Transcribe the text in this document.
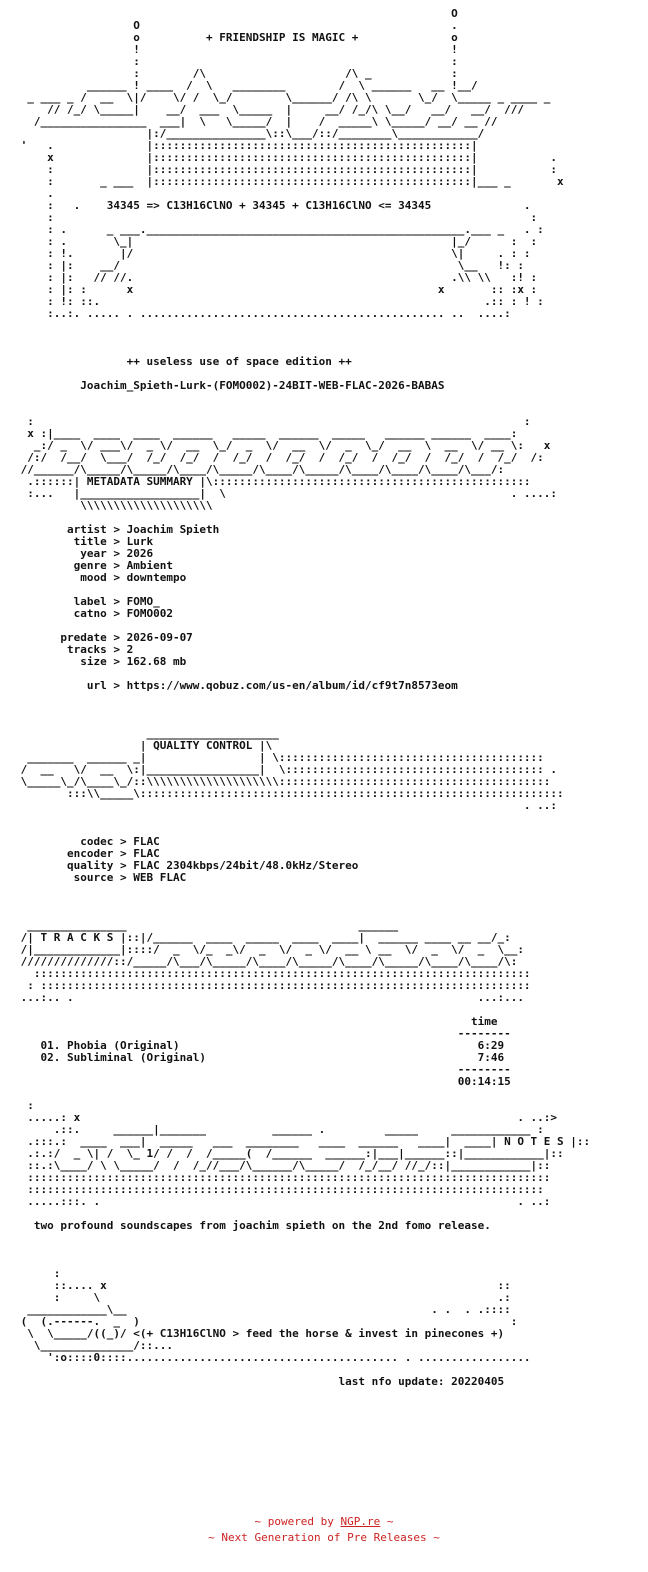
O
O                                               .
o          + FRIENDSHIP IS MAGIC +              o
!                                               !
:                                               :
:        /\                     /\ _            :
______ ! ____  /  \   ________        /  \ ______   __ !__/
_ ___ _ /  __  \|/    \/ /  \_/        \______/ /\ \       \_/  \_____ _ ____ _
// /_/ \_____|    __/  ___  \_____  |     __/ /_/\ \__/   __/   __/  ///
/________________  ___|  \   \_____/  |    /  _____\ \_____/ __/ __ //
|:/_______________\::\___/::/________\____________/
'   .              |::::::::::::::::::::::::::::::::::::::::::::::::|
x              |::::::::::::::::::::::::::::::::::::::::::::::::|           .
:              |::::::::::::::::::::::::::::::::::::::::::::::::|           :
:       _ ___  |::::::::::::::::::::::::::::::::::::::::::::::::|___ _       x
.
:   .    34345 => C13H16ClNO + 34345 + C13H16ClNO <= 34345              .
:                                                                        :
: .      _ ___.________________________________________________.___ _   . :
: .       \_|                                                |_/      :  :
: !.       |/                                                \|     . : :
: |:    __/                                                   \__   !: :
: |:   // //.                                                .\\ \\   :! :
: |: :      x                                              x       :: :x :
: !: ::.                                                          .:: : ! :
:..:. ..... . .............................................. ..  ....:

++ useless use of space edition ++

Joachim_Spieth-Lurk-(FOMO002)-24BIT-WEB-FLAC-2026-BABAS

:                                                                          :
x :|____  ____  ____  ______   _____  ______  _____   ______ ______  ____:
_:/ _  \/ ___\/  _ \/  __  \_/  _  \/  __  \/  _  \_/  __  \  __  \/ __ \:   x
/:/  /__/  \___/  /_/  /_/  /  /_/  /  /_/  /  /_/  /  /_/  /  /_/  /  /_/  /:
//______/\_____/\_____/\____/\_____/\____/\_____/\____/\____/\____/\___/:
.::::::| METADATA SUMMARY |\::::::::::::::::::::::::::::::::::::::::::::::::
:...   |__________________|  \                                           . ....:
\\\\\\\\\\\\\\\\\\\\

artist > Joachim Spieth
title > Lurk
year > 2026
genre > Ambient
mood > downtempo

label > FOMO_
catno > FOMO002

predate > 2026-09-07
tracks > 2
size > 162.68 mb

url > https://www.qobuz.com/us-en/album/id/cf9t7n8573eom

____________________
| QUALITY CONTROL |\
_______  ______ _|                 | \::::::::::::::::::::::::::::::::::::::::
/  __   \/  __  \:|_________________|  \::::::::::::::::::::::::::::::::::::::: .
\_____\_/\____\_/::\\\\\\\\\\\\\\\\\\\\:::::::::::::::::::::::::::::::::::::::::
:::\\_____\::::::::::::::::::::::::::::::::::::::::::::::::::::::::::::::::
. ..:

codec > FLAC
encoder > FLAC
quality > FLAC 2304kbps/24bit/48.0kHz/Stereo
source > WEB FLAC

_______________                                   ______
/| T R A C K S |::|/______  ____  _____  ____  ____|  ______ ____ __ __/_:
/|_____________|::::/  _  \/_  _\/  _  \/  _ \/  __ \ __  \/  _  \/  _  \__:
//////////////::/_____/\___/\_____/\____/\_____/\____/\_____/\____/\____/\:
:::::::::::::::::::::::::::::::::::::::::::::::::::::::::::::::::::::::::::
: ::::::::::::::::::::::::::::::::::::::::::::::::::::::::::::::::::::::::::
...:.. .                                                             ...:...

time
--------
01. Phobia (Original)                                             6:29
02. Subliminal (Original)                                         7:46
--------
00:14:15

:
.....: x                                                                  . ..:>
.::.     ______|_______          ______ .         _____     ____________ :
.:::.:  ____  ___|  _____   ___  ________   ____  ______   ____|  ____| N O T E S |::
.:.:/  _ \| /  \_ 1/ /  /  /_____(  /______  ______:|___|______::|____________|::
::.:\____/ \ \_____/  /  /_//___/\______/\_____/  /_/__/ //_/::|____________|::
:::::::::::::::::::::::::::::::::::::::::::::::::::::::::::::::::::::::::::::::
::::::::::::::::::::::::::::::::::::::::::::::::::::::::::::::::::::::::::::::
.....:::. .                                                               . ..:

two profound soundscapes from joachim spieth on the 2nd fomo release.

:
::.... x                                                           ::
:     \                                                            .:
____________\__                                              . .  . .::::
(  (.------.  _  )                                                        :
\  \_____/((_)/ <(+ C13H16ClNO > feed the horse & invest in pinecones +)
\______________/::...
':o::::0::::......................................... . .................

last nfo update: 20220405

~ powered by NGP.re ~
~ Next Generation of Pre Releases ~
